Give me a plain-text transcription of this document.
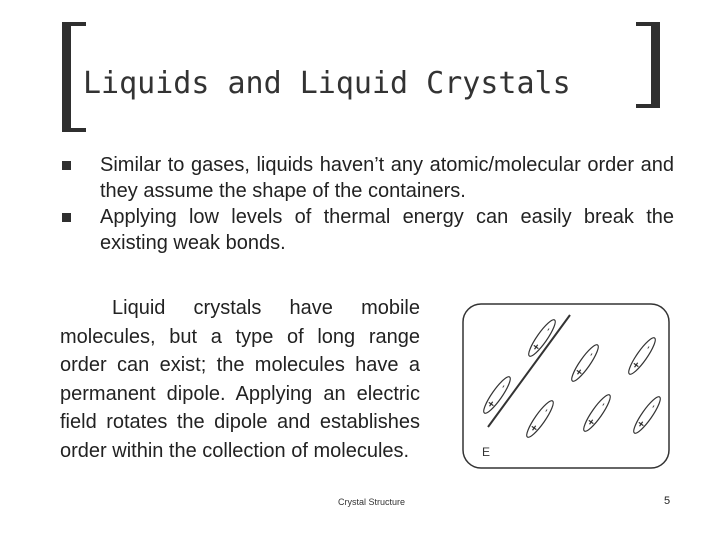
Liquids and Liquid Crystals
Similar to gases, liquids haven’t any atomic/molecular order and they assume the shape of the containers.
Applying low levels of thermal energy can easily break the existing weak bonds.
Liquid crystals have mobile molecules, but a type of long range order can exist; the molecules have a permanent dipole. Applying an electric field rotates the dipole and establishes order within the collection of molecules.	E
+
-
+
-
+
-
+
-
+
-
+
-
+
-
Crystal Structure	5
